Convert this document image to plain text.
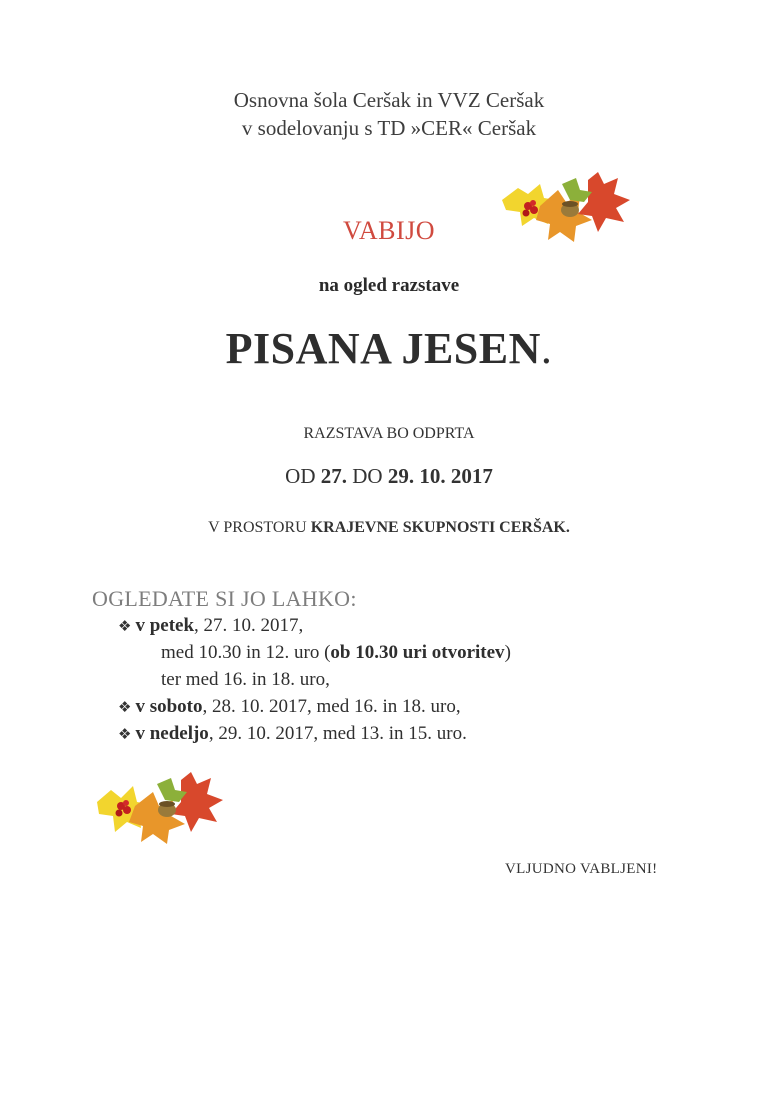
Osnovna šola Ceršak in VVZ Ceršak
v sodelovanju s TD »CER« Ceršak
VABIJO
na ogled razstave
PISANA JESEN.
RAZSTAVA BO ODPRTA
OD 27. DO 29. 10. 2017
V PROSTORU KRAJEVNE SKUPNOSTI CERŠAK.
OGLEDATE SI JO LAHKO:
❖ v petek, 27. 10. 2017,
med 10.30 in 12. uro (ob 10.30 uri otvoritev)
ter med 16. in 18. uro,
❖ v soboto, 28. 10. 2017, med 16. in 18. uro,
❖ v nedeljo, 29. 10. 2017, med 13. in 15. uro.
VLJUDNO VABLJENI!
